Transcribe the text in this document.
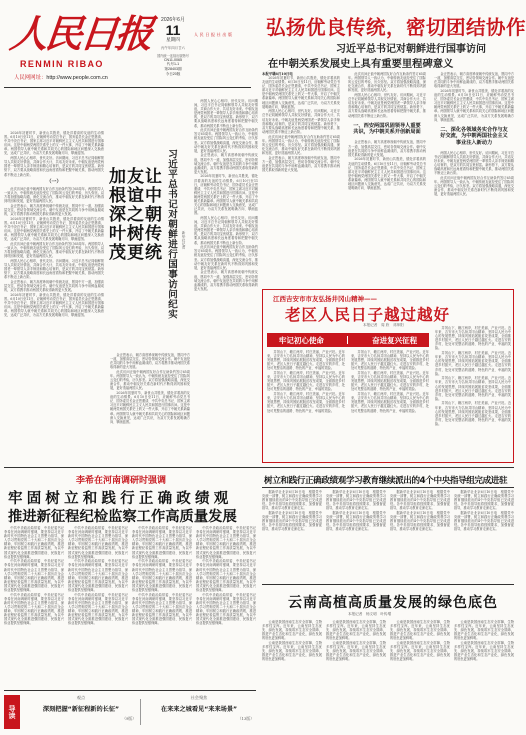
人民日报
RENMIN RIBAO
人民网网址：http://www.people.com.cn
2026年6月
11
星期四
丙午年四月廿六
国内统一连续出版物号
CN11-0065
代号1-1
第28403期
今日20版
人 民 日 报 社 出 版 弘扬优良传统，密切团结协作
习近平总书记对朝鲜进行国事访问
在中朝关系发展史上具有重要里程碑意义

2026年初夏时节，新世山共胜美，德处洋着高的友谊的生动情景。6月10日至11日，应朝鲜劳动党总书记、国务委员长金正恩邀请，中共中央总书记、国家主席习近平对朝鲜民主主义人民共和国进行国事访问。这是中朝两党两国关系史上的又一件大事，开启了中朝关系新篇章。两国领导人就中朝关系和共同关心的国际和地区问题深入交换意见，达成广泛共识，为双方关系发展明确方向、擘画蓝图。

两国人民心心相印，世代友好。访问期间，习近平总书记同朝鲜领导人共叙友好情谊，共商合作大计，共话友好未来。中朝友谊是两党两国老一辈领导人亲手缔造和精心培育的，是双方的共同宝贵财富。新形势下，双方要从战略高度和长远角度看待和把握中朝关系，推动两国关系不断迈上新台阶。

（一）

此次访问正值中朝两国友好合作互助条约签订65周年。两国领导人一致认为，中朝传统友谊经受住了国际风云变幻的考验，历久弥坚。双方将加强战略沟通，深化交流合作，推动中朝友好关系在新时代不断得到巩固和发展，更好造福两国人民。

金正恩表示，朝方高度珍视朝中传统友谊，愿同中方一道，加强高层交往，密切各领域交流合作。朝中友谊是在共同的斗争中用鲜血凝成的，双方将携手推动两国关系取得新的更大发展。

2026年初夏时节，新世山共胜美，德处洋着高的友谊的生动情景。6月10日至11日，应朝鲜劳动党总书记、国务委员长金正恩邀请，中共中央总书记、国家主席习近平对朝鲜民主主义人民共和国进行国事访问。这是中朝两党两国关系史上的又一件大事，开启了中朝关系新篇章。两国领导人就中朝关系和共同关心的国际和地区问题深入交换意见，达成广泛共识，为双方关系发展明确方向、擘画蓝图。

此次访问正值中朝两国友好合作互助条约签订65周年。两国领导人一致认为，中朝传统友谊经受住了国际风云变幻的考验，历久弥坚。双方将加强战略沟通，深化交流合作，推动中朝友好关系在新时代不断得到巩固和发展，更好造福两国人民。

两国人民心心相印，世代友好。访问期间，习近平总书记同朝鲜领导人共叙友好情谊，共商合作大计，共话友好未来。中朝友谊是两党两国老一辈领导人亲手缔造和精心培育的，是双方的共同宝贵财富。新形势下，双方要从战略高度和长远角度看待和把握中朝关系，推动两国关系不断迈上新台阶。

金正恩表示，朝方高度珍视朝中传统友谊，愿同中方一道，加强高层交往，密切各领域交流合作。朝中友谊是在共同的斗争中用鲜血凝成的，双方将携手推动两国关系取得新的更大发展。

2026年初夏时节，新世山共胜美，德处洋着高的友谊的生动情景。6月10日至11日，应朝鲜劳动党总书记、国务委员长金正恩邀请，中共中央总书记、国家主席习近平对朝鲜民主主义人民共和国进行国事访问。这是中朝两党两国关系史上的又一件大事，开启了中朝关系新篇章。两国领导人就中朝关系和共同关心的国际和地区问题深入交换意见，达成广泛共识，为双方关系发展明确方向、擘画蓝图。

让中朝传统
友谊之树更
加根深叶茂	习近平总书记对朝鲜进行国事访问纪实 新华社记者

两国人民心心相印，世代友好。访问期间，习近平总书记同朝鲜领导人共叙友好情谊，共商合作大计，共话友好未来。中朝友谊是两党两国老一辈领导人亲手缔造和精心培育的，是双方的共同宝贵财富。新形势下，双方要从战略高度和长远角度看待和把握中朝关系，推动两国关系不断迈上新台阶。

此次访问正值中朝两国友好合作互助条约签订65周年。两国领导人一致认为，中朝传统友谊经受住了国际风云变幻的考验，历久弥坚。双方将加强战略沟通，深化交流合作，推动中朝友好关系在新时代不断得到巩固和发展，更好造福两国人民。

金正恩表示，朝方高度珍视朝中传统友谊，愿同中方一道，加强高层交往，密切各领域交流合作。朝中友谊是在共同的斗争中用鲜血凝成的，双方将携手推动两国关系取得新的更大发展。

2026年初夏时节，新世山共胜美，德处洋着高的友谊的生动情景。6月10日至11日，应朝鲜劳动党总书记、国务委员长金正恩邀请，中共中央总书记、国家主席习近平对朝鲜民主主义人民共和国进行国事访问。这是中朝两党两国关系史上的又一件大事，开启了中朝关系新篇章。两国领导人就中朝关系和共同关心的国际和地区问题深入交换意见，达成广泛共识，为双方关系发展明确方向、擘画蓝图。

两国人民心心相印，世代友好。访问期间，习近平总书记同朝鲜领导人共叙友好情谊，共商合作大计，共话友好未来。中朝友谊是两党两国老一辈领导人亲手缔造和精心培育的，是双方的共同宝贵财富。新形势下，双方要从战略高度和长远角度看待和把握中朝关系，推动两国关系不断迈上新台阶。

此次访问正值中朝两国友好合作互助条约签订65周年。两国领导人一致认为，中朝传统友谊经受住了国际风云变幻的考验，历久弥坚。双方将加强战略沟通，深化交流合作，推动中朝友好关系在新时代不断得到巩固和发展，更好造福两国人民。

金正恩表示，朝方高度珍视朝中传统友谊，愿同中方一道，加强高层交往，密切各领域交流合作。朝中友谊是在共同的斗争中用鲜血凝成的，双方将携手推动两国关系取得新的更大发展。

金正恩表示，朝方高度珍视朝中传统友谊，愿同中方一道，加强高层交往，密切各领域交流合作。朝中友谊是在共同的斗争中用鲜血凝成的，双方将携手推动两国关系取得新的更大发展。

此次访问正值中朝两国友好合作互助条约签订65周年。两国领导人一致认为，中朝传统友谊经受住了国际风云变幻的考验，历久弥坚。双方将加强战略沟通，深化交流合作，推动中朝友好关系在新时代不断得到巩固和发展，更好造福两国人民。

2026年初夏时节，新世山共胜美，德处洋着高的友谊的生动情景。6月10日至11日，应朝鲜劳动党总书记、国务委员长金正恩邀请，中共中央总书记、国家主席习近平对朝鲜民主主义人民共和国进行国事访问。这是中朝两党两国关系史上的又一件大事，开启了中朝关系新篇章。两国领导人就中朝关系和共同关心的国际和地区问题深入交换意见，达成广泛共识，为双方关系发展明确方向、擘画蓝图。

本报平壤6月10日电

2026年初夏时节，新世山共胜美，德处洋着高的友谊的生动情景。6月10日至11日，应朝鲜劳动党总书记、国务委员长金正恩邀请，中共中央总书记、国家主席习近平对朝鲜民主主义人民共和国进行国事访问。这是中朝两党两国关系史上的又一件大事，开启了中朝关系新篇章。两国领导人就中朝关系和共同关心的国际和地区问题深入交换意见，达成广泛共识，为双方关系发展明确方向、擘画蓝图。

两国人民心心相印，世代友好。访问期间，习近平总书记同朝鲜领导人共叙友好情谊，共商合作大计，共话友好未来。中朝友谊是两党两国老一辈领导人亲手缔造和精心培育的，是双方的共同宝贵财富。新形势下，双方要从战略高度和长远角度看待和把握中朝关系，推动两国关系不断迈上新台阶。

此次访问正值中朝两国友好合作互助条约签订65周年。两国领导人一致认为，中朝传统友谊经受住了国际风云变幻的考验，历久弥坚。双方将加强战略沟通，深化交流合作，推动中朝友好关系在新时代不断得到巩固和发展，更好造福两国人民。

金正恩表示，朝方高度珍视朝中传统友谊，愿同中方一道，加强高层交往，密切各领域交流合作。朝中友谊是在共同的斗争中用鲜血凝成的，双方将携手推动两国关系取得新的更大发展。

此次访问正值中朝两国友好合作互助条约签订65周年。两国领导人一致认为，中朝传统友谊经受住了国际风云变幻的考验，历久弥坚。双方将加强战略沟通，深化交流合作，推动中朝友好关系在新时代不断得到巩固和发展，更好造福两国人民。

两国人民心心相印，世代友好。访问期间，习近平总书记同朝鲜领导人共叙友好情谊，共商合作大计，共话友好未来。中朝友谊是两党两国老一辈领导人亲手缔造和精心培育的，是双方的共同宝贵财富。新形势下，双方要从战略高度和长远角度看待和把握中朝关系，推动两国关系不断迈上新台阶。

一、西安两国巩固领导人重要共识，为中朝关系开创新局面

金正恩表示，朝方高度珍视朝中传统友谊，愿同中方一道，加强高层交往，密切各领域交流合作。朝中友谊是在共同的斗争中用鲜血凝成的，双方将携手推动两国关系取得新的更大发展。

2026年初夏时节，新世山共胜美，德处洋着高的友谊的生动情景。6月10日至11日，应朝鲜劳动党总书记、国务委员长金正恩邀请，中共中央总书记、国家主席习近平对朝鲜民主主义人民共和国进行国事访问。这是中朝两党两国关系史上的又一件大事，开启了中朝关系新篇章。两国领导人就中朝关系和共同关心的国际和地区问题深入交换意见，达成广泛共识，为双方关系发展明确方向、擘画蓝图。

金正恩表示，朝方高度珍视朝中传统友谊，愿同中方一道，加强高层交往，密切各领域交流合作。朝中友谊是在共同的斗争中用鲜血凝成的，双方将携手推动两国关系取得新的更大发展。

2026年初夏时节，新世山共胜美，德处洋着高的友谊的生动情景。6月10日至11日，应朝鲜劳动党总书记、国务委员长金正恩邀请，中共中央总书记、国家主席习近平对朝鲜民主主义人民共和国进行国事访问。这是中朝两党两国关系史上的又一件大事，开启了中朝关系新篇章。两国领导人就中朝关系和共同关心的国际和地区问题深入交换意见，达成广泛共识，为双方关系发展明确方向、擘画蓝图。

二、深化各领域务实合作与友好交流，为中朝两国社会主义事业注入新动力

两国人民心心相印，世代友好。访问期间，习近平总书记同朝鲜领导人共叙友好情谊，共商合作大计，共话友好未来。中朝友谊是两党两国老一辈领导人亲手缔造和精心培育的，是双方的共同宝贵财富。新形势下，双方要从战略高度和长远角度看待和把握中朝关系，推动两国关系不断迈上新台阶。

此次访问正值中朝两国友好合作互助条约签订65周年。两国领导人一致认为，中朝传统友谊经受住了国际风云变幻的考验，历久弥坚。双方将加强战略沟通，深化交流合作，推动中朝友好关系在新时代不断得到巩固和发展，更好造福两国人民。

江西吉安市市友弘扬井冈山精神——
老区人民日子越过越好
本报记者　周 欣　邓帅阳
牢记初心使命	奋进复兴征程

井冈山下，赣江两岸，村庄美丽，产业兴旺。近年来，吉安市大力弘扬井冈山精神，坚持以人民为中心的发展思想，持续巩固拓展脱贫攻坚成果，全面推进乡村振兴，老区人民日子越过越红火。走进吉安的乡村，处处可见整洁的道路、特色的产业、幸福的笑脸。

井冈山下，赣江两岸，村庄美丽，产业兴旺。近年来，吉安市大力弘扬井冈山精神，坚持以人民为中心的发展思想，持续巩固拓展脱贫攻坚成果，全面推进乡村振兴，老区人民日子越过越红火。走进吉安的乡村，处处可见整洁的道路、特色的产业、幸福的笑脸。

井冈山下，赣江两岸，村庄美丽，产业兴旺。近年来，吉安市大力弘扬井冈山精神，坚持以人民为中心的发展思想，持续巩固拓展脱贫攻坚成果，全面推进乡村振兴，老区人民日子越过越红火。走进吉安的乡村，处处可见整洁的道路、特色的产业、幸福的笑脸。

井冈山下，赣江两岸，村庄美丽，产业兴旺。近年来，吉安市大力弘扬井冈山精神，坚持以人民为中心的发展思想，持续巩固拓展脱贫攻坚成果，全面推进乡村振兴，老区人民日子越过越红火。走进吉安的乡村，处处可见整洁的道路、特色的产业、幸福的笑脸。

井冈山下，赣江两岸，村庄美丽，产业兴旺。近年来，吉安市大力弘扬井冈山精神，坚持以人民为中心的发展思想，持续巩固拓展脱贫攻坚成果，全面推进乡村振兴，老区人民日子越过越红火。走进吉安的乡村，处处可见整洁的道路、特色的产业、幸福的笑脸。

井冈山下，赣江两岸，村庄美丽，产业兴旺。近年来，吉安市大力弘扬井冈山精神，坚持以人民为中心的发展思想，持续巩固拓展脱贫攻坚成果，全面推进乡村振兴，老区人民日子越过越红火。走进吉安的乡村，处处可见整洁的道路、特色的产业、幸福的笑脸。

井冈山下，赣江两岸，村庄美丽，产业兴旺。近年来，吉安市大力弘扬井冈山精神，坚持以人民为中心的发展思想，持续巩固拓展脱贫攻坚成果，全面推进乡村振兴，老区人民日子越过越红火。走进吉安的乡村，处处可见整洁的道路、特色的产业、幸福的笑脸。

井冈山下，赣江两岸，村庄美丽，产业兴旺。近年来，吉安市大力弘扬井冈山精神，坚持以人民为中心的发展思想，持续巩固拓展脱贫攻坚成果，全面推进乡村振兴，老区人民日子越过越红火。走进吉安的乡村，处处可见整洁的道路、特色的产业、幸福的笑脸。

井冈山下，赣江两岸，村庄美丽，产业兴旺。近年来，吉安市大力弘扬井冈山精神，坚持以人民为中心的发展思想，持续巩固拓展脱贫攻坚成果，全面推进乡村振兴，老区人民日子越过越红火。走进吉安的乡村，处处可见整洁的道路、特色的产业、幸福的笑脸。

井冈山下，赣江两岸，村庄美丽，产业兴旺。近年来，吉安市大力弘扬井冈山精神，坚持以人民为中心的发展思想，持续巩固拓展脱贫攻坚成果，全面推进乡村振兴，老区人民日子越过越红火。走进吉安的乡村，处处可见整洁的道路、特色的产业、幸福的笑脸。

李希在河南调研时强调
牢固树立和践行正确政绩观
推进新征程纪检监察工作高质量发展

中共中央政治局常委、中央纪委书记李希在河南调研时强调，要坚持以习近平新时代中国特色社会主义思想为指导，深入学习贯彻党的二十大和二十届历次全会精神，牢固树立和践行正确政绩观，推进新征程纪检监察工作高质量发展，为以中国式现代化全面推进强国建设、民族复兴伟业提供坚强保障。

中共中央政治局常委、中央纪委书记李希在河南调研时强调，要坚持以习近平新时代中国特色社会主义思想为指导，深入学习贯彻党的二十大和二十届历次全会精神，牢固树立和践行正确政绩观，推进新征程纪检监察工作高质量发展，为以中国式现代化全面推进强国建设、民族复兴伟业提供坚强保障。

中共中央政治局常委、中央纪委书记李希在河南调研时强调，要坚持以习近平新时代中国特色社会主义思想为指导，深入学习贯彻党的二十大和二十届历次全会精神，牢固树立和践行正确政绩观，推进新征程纪检监察工作高质量发展，为以中国式现代化全面推进强国建设、民族复兴伟业提供坚强保障。

中共中央政治局常委、中央纪委书记李希在河南调研时强调，要坚持以习近平新时代中国特色社会主义思想为指导，深入学习贯彻党的二十大和二十届历次全会精神，牢固树立和践行正确政绩观，推进新征程纪检监察工作高质量发展，为以中国式现代化全面推进强国建设、民族复兴伟业提供坚强保障。

中共中央政治局常委、中央纪委书记李希在河南调研时强调，要坚持以习近平新时代中国特色社会主义思想为指导，深入学习贯彻党的二十大和二十届历次全会精神，牢固树立和践行正确政绩观，推进新征程纪检监察工作高质量发展，为以中国式现代化全面推进强国建设、民族复兴伟业提供坚强保障。

中共中央政治局常委、中央纪委书记李希在河南调研时强调，要坚持以习近平新时代中国特色社会主义思想为指导，深入学习贯彻党的二十大和二十届历次全会精神，牢固树立和践行正确政绩观，推进新征程纪检监察工作高质量发展，为以中国式现代化全面推进强国建设、民族复兴伟业提供坚强保障。

中共中央政治局常委、中央纪委书记李希在河南调研时强调，要坚持以习近平新时代中国特色社会主义思想为指导，深入学习贯彻党的二十大和二十届历次全会精神，牢固树立和践行正确政绩观，推进新征程纪检监察工作高质量发展，为以中国式现代化全面推进强国建设、民族复兴伟业提供坚强保障。

中共中央政治局常委、中央纪委书记李希在河南调研时强调，要坚持以习近平新时代中国特色社会主义思想为指导，深入学习贯彻党的二十大和二十届历次全会精神，牢固树立和践行正确政绩观，推进新征程纪检监察工作高质量发展，为以中国式现代化全面推进强国建设、民族复兴伟业提供坚强保障。

中共中央政治局常委、中央纪委书记李希在河南调研时强调，要坚持以习近平新时代中国特色社会主义思想为指导，深入学习贯彻党的二十大和二十届历次全会精神，牢固树立和践行正确政绩观，推进新征程纪检监察工作高质量发展，为以中国式现代化全面推进强国建设、民族复兴伟业提供坚强保障。

中共中央政治局常委、中央纪委书记李希在河南调研时强调，要坚持以习近平新时代中国特色社会主义思想为指导，深入学习贯彻党的二十大和二十届历次全会精神，牢固树立和践行正确政绩观，推进新征程纪检监察工作高质量发展，为以中国式现代化全面推进强国建设、民族复兴伟业提供坚强保障。

中共中央政治局常委、中央纪委书记李希在河南调研时强调，要坚持以习近平新时代中国特色社会主义思想为指导，深入学习贯彻党的二十大和二十届历次全会精神，牢固树立和践行正确政绩观，推进新征程纪检监察工作高质量发展，为以中国式现代化全面推进强国建设、民族复兴伟业提供坚强保障。

中共中央政治局常委、中央纪委书记李希在河南调研时强调，要坚持以习近平新时代中国特色社会主义思想为指导，深入学习贯彻党的二十大和二十届历次全会精神，牢固树立和践行正确政绩观，推进新征程纪检监察工作高质量发展，为以中国式现代化全面推进强国建设、民族复兴伟业提供坚强保障。

树立和践行正确政绩观学习教育继续派出的4个中央指导组完成进驻

据新华社北京6月10日电　根据党中央统一部署，树立和践行正确政绩观学习教育继续派出的4个中央指导组已完成进驻。各中央指导组将按照要求，加强督促指导，推动学习教育走深走实。

据新华社北京6月10日电　根据党中央统一部署，树立和践行正确政绩观学习教育继续派出的4个中央指导组已完成进驻。各中央指导组将按照要求，加强督促指导，推动学习教育走深走实。

据新华社北京6月10日电　根据党中央统一部署，树立和践行正确政绩观学习教育继续派出的4个中央指导组已完成进驻。各中央指导组将按照要求，加强督促指导，推动学习教育走深走实。

据新华社北京6月10日电　根据党中央统一部署，树立和践行正确政绩观学习教育继续派出的4个中央指导组已完成进驻。各中央指导组将按照要求，加强督促指导，推动学习教育走深走实。

据新华社北京6月10日电　根据党中央统一部署，树立和践行正确政绩观学习教育继续派出的4个中央指导组已完成进驻。各中央指导组将按照要求，加强督促指导，推动学习教育走深走实。

据新华社北京6月10日电　根据党中央统一部署，树立和践行正确政绩观学习教育继续派出的4个中央指导组已完成进驻。各中央指导组将按照要求，加强督促指导，推动学习教育走深走实。

据新华社北京6月10日电　根据党中央统一部署，树立和践行正确政绩观学习教育继续派出的4个中央指导组已完成进驻。各中央指导组将按照要求，加强督促指导，推动学习教育走深走实。

据新华社北京6月10日电　根据党中央统一部署，树立和践行正确政绩观学习教育继续派出的4个中央指导组已完成进驻。各中央指导组将按照要求，加强督促指导，推动学习教育走深走实。

云南高植高质量发展的绿色底色
本报记者　杨文明　叶传增

云南是我国西南生态安全屏障，生物多样性宝库。近年来，云南坚持生态优先、绿色发展，持续筑牢生态安全屏障，推进产业生态化和生态产业化，绿色发展的底色更加鲜明。

云南是我国西南生态安全屏障，生物多样性宝库。近年来，云南坚持生态优先、绿色发展，持续筑牢生态安全屏障，推进产业生态化和生态产业化，绿色发展的底色更加鲜明。

云南是我国西南生态安全屏障，生物多样性宝库。近年来，云南坚持生态优先、绿色发展，持续筑牢生态安全屏障，推进产业生态化和生态产业化，绿色发展的底色更加鲜明。

云南是我国西南生态安全屏障，生物多样性宝库。近年来，云南坚持生态优先、绿色发展，持续筑牢生态安全屏障，推进产业生态化和生态产业化，绿色发展的底色更加鲜明。

云南是我国西南生态安全屏障，生物多样性宝库。近年来，云南坚持生态优先、绿色发展，持续筑牢生态安全屏障，推进产业生态化和生态产业化，绿色发展的底色更加鲜明。

云南是我国西南生态安全屏障，生物多样性宝库。近年来，云南坚持生态优先、绿色发展，持续筑牢生态安全屏障，推进产业生态化和生态产业化，绿色发展的底色更加鲜明。

云南是我国西南生态安全屏障，生物多样性宝库。近年来，云南坚持生态优先、绿色发展，持续筑牢生态安全屏障，推进产业生态化和生态产业化，绿色发展的底色更加鲜明。

云南是我国西南生态安全屏障，生物多样性宝库。近年来，云南坚持生态优先、绿色发展，持续筑牢生态安全屏障，推进产业生态化和生态产业化，绿色发展的底色更加鲜明。

导读
观点
深刻把握“新征程新的长征”
（9版）
社会聚焦
在来来之城看见“来来场景”
（13版）
